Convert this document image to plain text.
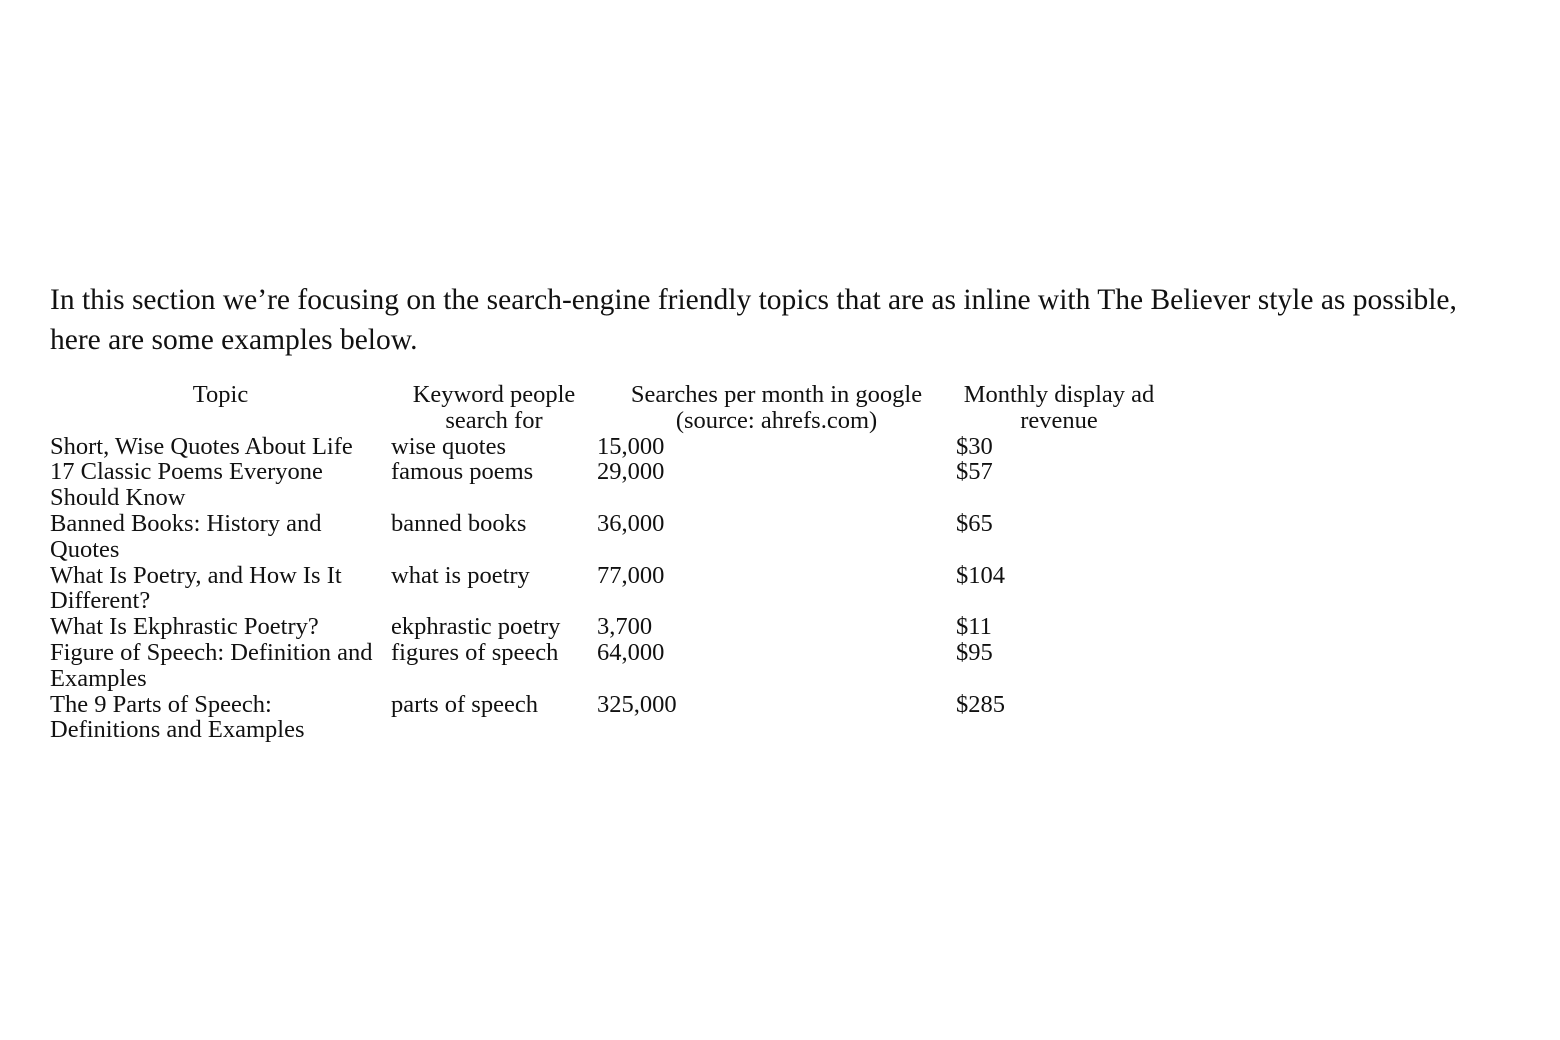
In this section we’re focusing on the search-engine friendly topics that are as inline with The Believer style as possible, here are some examples below.

Topic	Keyword people search for	Searches per month in google (source: ahrefs.com)	Monthly display ad revenue
Short, Wise Quotes About Life	wise quotes	15,000	$30
17 Classic Poems Everyone Should Know	famous poems	29,000	$57
Banned Books: History and Quotes	banned books	36,000	$65
What Is Poetry, and How Is It Different?	what is poetry	77,000	$104
What Is Ekphrastic Poetry?	ekphrastic poetry	3,700	$11
Figure of Speech: Definition and Examples	figures of speech	64,000	$95
The 9 Parts of Speech: Definitions and Examples	parts of speech	325,000	$285
